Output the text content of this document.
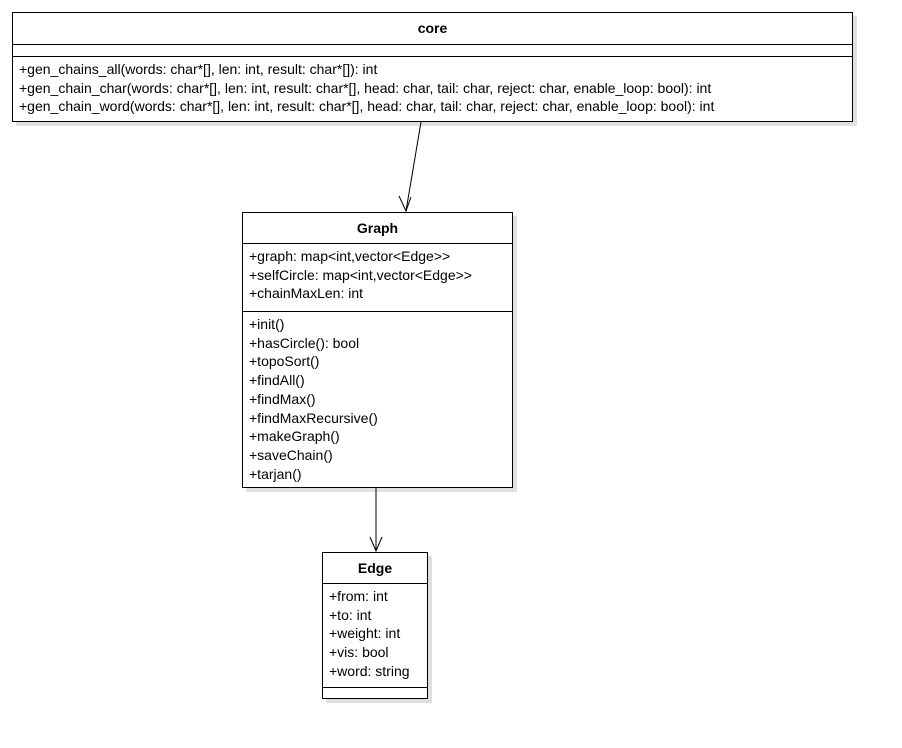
core
+gen_chains_all(words: char*[], len: int, result: char*[]): int
+gen_chain_char(words: char*[], len: int, result: char*[], head: char, tail: char, reject: char, enable_loop: bool): int
+gen_chain_word(words: char*[], len: int, result: char*[], head: char, tail: char, reject: char, enable_loop: bool): int
Graph
+graph: map<int,vector<Edge>>
+selfCircle: map<int,vector<Edge>>
+chainMaxLen: int
+init()
+hasCircle(): bool
+topoSort()
+findAll()
+findMax()
+findMaxRecursive()
+makeGraph()
+saveChain()
+tarjan()
Edge
+from: int
+to: int
+weight: int
+vis: bool
+word: string
